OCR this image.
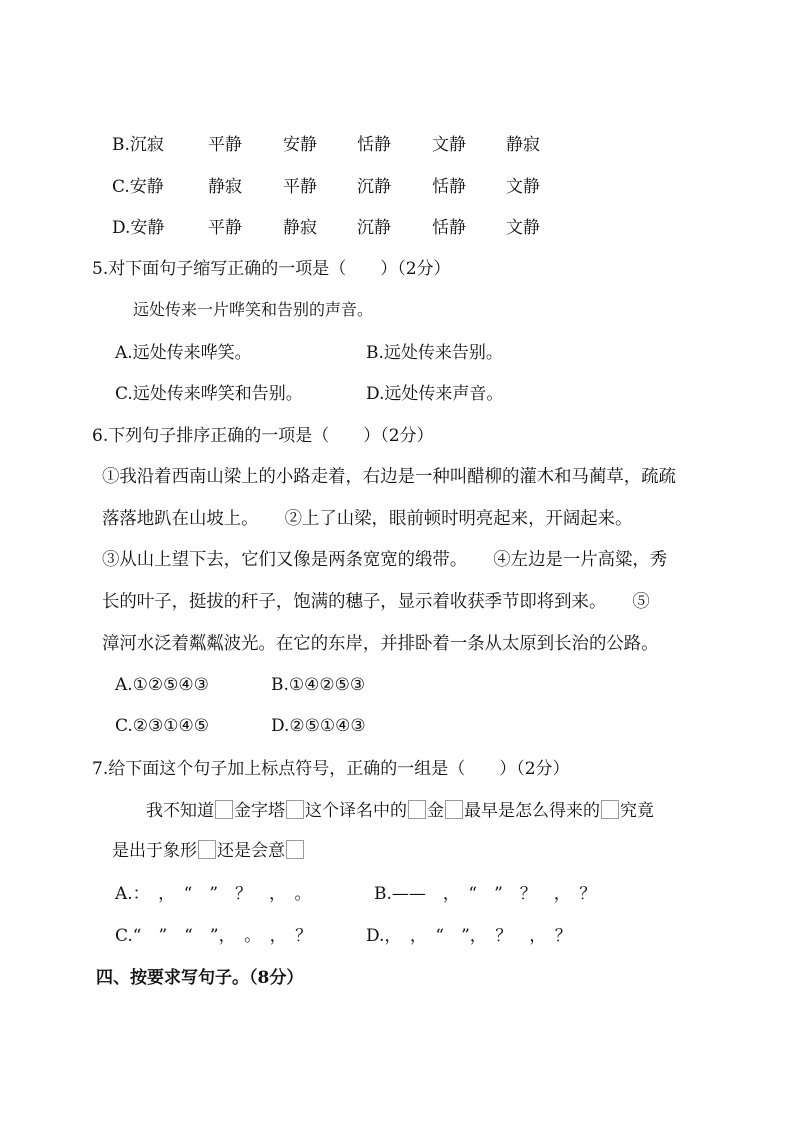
B.沉寂	平静 安静 恬静 文静 静寂
C.安静	静寂 平静 沉静 恬静 文静
D.安静	平静 静寂 沉静 恬静 文静
5.对下面句子缩写正确的一项是（　　）（2分）
远处传来一片哗笑和告别的声音。
A.远处传来哗笑。	B.远处传来告别。
C.远处传来哗笑和告别。	D.远处传来声音。
6.下列句子排序正确的一项是（　　）（2分）
①我沿着西南山梁上的小路走着，右边是一种叫醋柳的灌木和马蔺草，疏疏
落落地趴在山坡上。　　②上了山梁，眼前顿时明亮起来，开阔起来。
③从山上望下去，它们又像是两条宽宽的缎带。　　④左边是一片高粱，秀
长的叶子，挺拔的秆子，饱满的穗子，显示着收获季节即将到来。　　⑤
漳河水泛着粼粼波光。在它的东岸，并排卧着一条从太原到长治的公路。
A.①②⑤④③	B.①④②⑤③
C.②③①④⑤	D.②⑤①④③
7.给下面这个句子加上标点符号，正确的一组是（　　）（2分）
我不知道 金字塔 这个译名中的 金 最早是怎么得来的 究竟
是出于象形 还是会意
A.：　，　“　”　？　，　。	B.——　，　“　”　？　，　？
C.“　”　“　”，　。　，　？	D.，　，　“　”，　？　，　？
四、按要求写句子。（8分）
